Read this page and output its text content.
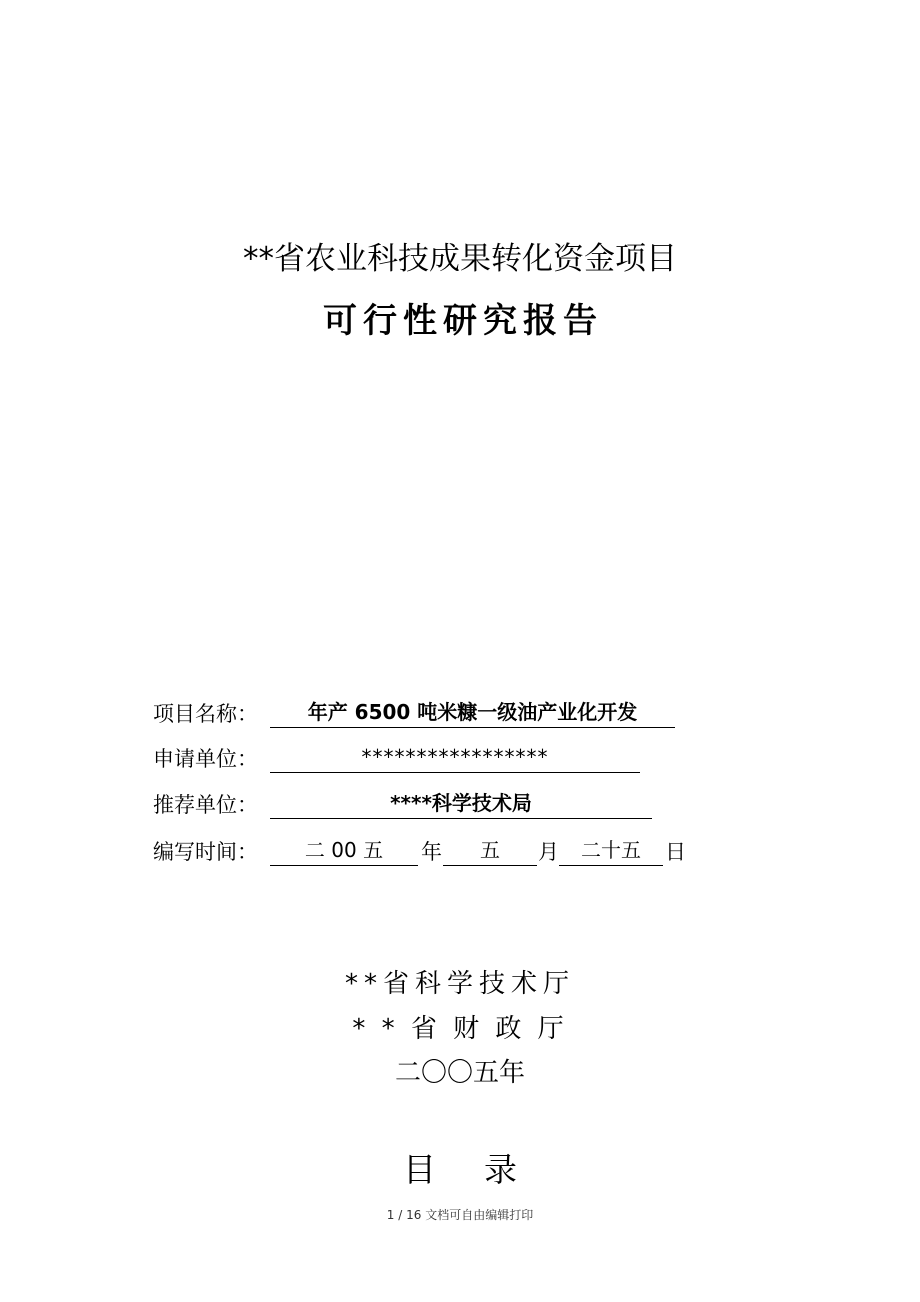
**省农业科技成果转化资金项目
可行性研究报告
项目名称：	年产 6500 吨米糠一级油产业化开发
申请单位：	*****************
推荐单位：	****科学技术局
编写时间：	二 00 五	年	五	月	二十五	日
**省科学技术厅
* * 省 财 政 厅
二〇〇五年
目录
1 / 16 文档可自由编辑打印
